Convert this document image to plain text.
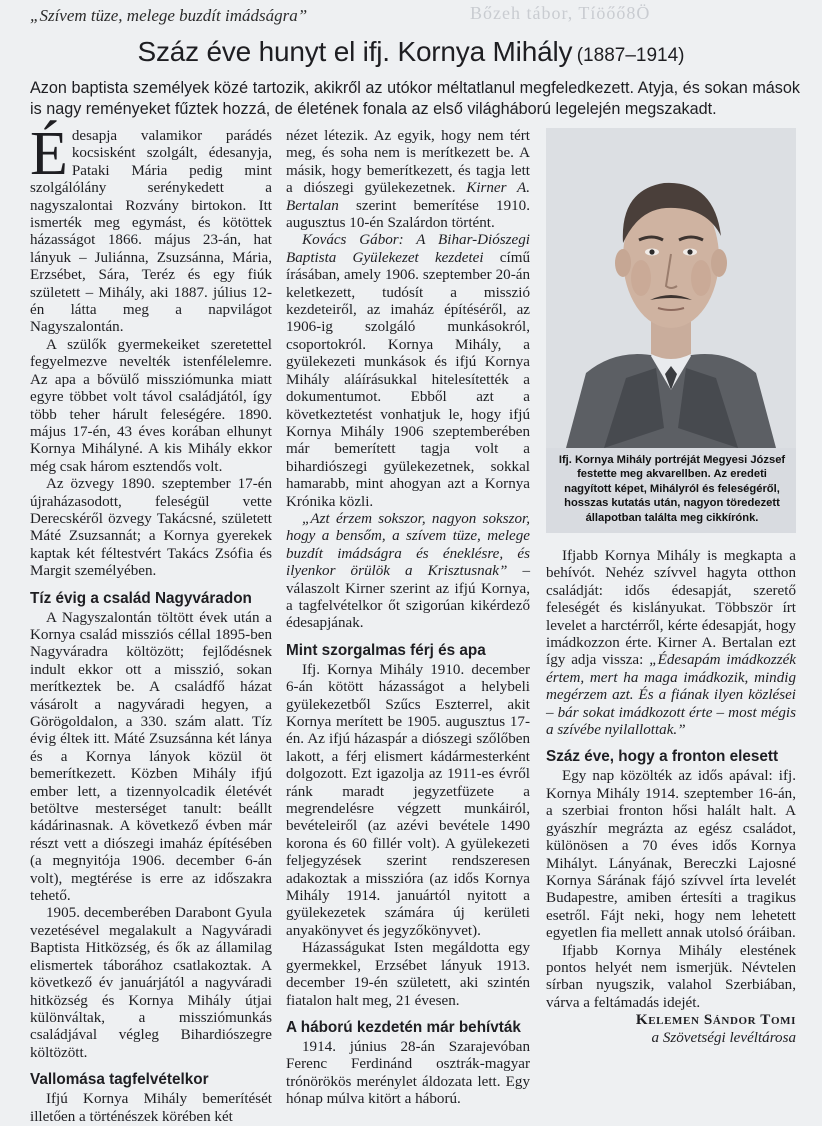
„Szívem tüze, melege buzdít imádságra”	Bőzeh tábor, Tíöőő8Ö
Száz éve hunyt el ifj. Kornya Mihály (1887–1914)
Azon baptista személyek közé tartozik, akikről az utókor méltatlanul megfeledkezett. Atyja, és sokan mások is nagy reményeket fűztek hozzá, de életének fonala az első világháború legelején megszakadt.

Édesapja valamikor parádés kocsisként szolgált, édesanyja, Pataki Mária pedig mint szolgálólány serénykedett a nagyszalontai Rozvány birtokon. Itt ismerték meg egymást, és kötöttek házasságot 1866. május 23-án, hat lányuk – Juliánna, Zsuzsánna, Mária, Erzsébet, Sára, Teréz és egy fiúk született – Mihály, aki 1887. július 12-én látta meg a napvilágot Nagyszalontán.

A szülők gyermekeiket szeretettel fegyelmezve nevelték istenfélelemre. Az apa a bővülő missziómunka miatt egyre többet volt távol családjától, így több teher hárult feleségére. 1890. május 17-én, 43 éves korában elhunyt Kornya Mihályné. A kis Mihály ekkor még csak három esztendős volt.

Az özvegy 1890. szeptember 17-én újraházasodott, feleségül vette Derecskéről özvegy Takácsné, született Máté Zsuzsannát; a Kornya gyerekek kaptak két féltestvért Takács Zsófia és Margit személyében.

Tíz évig a család Nagyváradon

A Nagyszalontán töltött évek után a Kornya család missziós céllal 1895-ben Nagyváradra költözött; fejlődésnek indult ekkor ott a misszió, sokan merítkeztek be. A családfő házat vásárolt a nagyváradi hegyen, a Görögoldalon, a 330. szám alatt. Tíz évig éltek itt. Máté Zsuzsánna két lánya és a Kornya lányok közül öt bemerítkezett. Közben Mihály ifjú ember lett, a tizennyolcadik életévét betöltve mesterséget tanult: beállt kádárinasnak. A következő évben már részt vett a diószegi imaház építésében (a megnyitója 1906. december 6-án volt), megtérése is erre az időszakra tehető.

1905. decemberében Darabont Gyula vezetésével megalakult a Nagyváradi Baptista Hitközség, és ők az államilag elismertek táborához csatlakoztak. A következő év januárjától a nagyváradi hitközség és Kornya Mihály útjai különváltak, a missziómunkás családjával végleg Bihardiószegre költözött.

Vallomása tagfelvételkor

Ifjú Kornya Mihály bemerítését illetően a történészek körében két

nézet létezik. Az egyik, hogy nem tért meg, és soha nem is merítkezett be. A másik, hogy bemerítkezett, és tagja lett a diószegi gyülekezetnek. Kirner A. Bertalan szerint bemerítése 1910. augusztus 10-én Szalárdon történt.

Kovács Gábor: A Bihar-Diószegi Baptista Gyülekezet kezdetei című írásában, amely 1906. szeptember 20-án keletkezett, tudósít a misszió kezdeteiről, az imaház építéséről, az 1906-ig szolgáló munkásokról, csoportokról. Kornya Mihály, a gyülekezeti munkások és ifjú Kornya Mihály aláírásukkal hitelesítették a dokumentumot. Ebből azt a következtetést vonhatjuk le, hogy ifjú Kornya Mihály 1906 szeptemberében már bemerített tagja volt a bihardiószegi gyülekezetnek, sokkal hamarabb, mint ahogyan azt a Kornya Krónika közli.

„Azt érzem sokszor, nagyon sokszor, hogy a bensőm, a szívem tüze, melege buzdít imádságra és éneklésre, és ilyenkor örülök a Krisztusnak” – válaszolt Kirner szerint az ifjú Kornya, a tagfelvételkor őt szigorúan kikérdező édesapjának.

Mint szorgalmas férj és apa

Ifj. Kornya Mihály 1910. december 6-án kötött házasságot a helybeli gyülekezetből Szűcs Eszterrel, akit Kornya merített be 1905. augusztus 17-én. Az ifjú házaspár a diószegi szőlőben lakott, a férj elismert kádármesterként dolgozott. Ezt igazolja az 1911-es évről ránk maradt jegyzetfüzete a megrendelésre végzett munkáiról, bevételeiről (az azévi bevétele 1490 korona és 60 fillér volt). A gyülekezeti feljegyzések szerint rendszeresen adakoztak a misszióra (az idős Kornya Mihály 1914. januártól nyitott a gyülekezetek számára új kerületi anyakönyvet és jegyzőkönyvet).

Házasságukat Isten megáldotta egy gyermekkel, Erzsébet lányuk 1913. december 19-én született, aki szintén fiatalon halt meg, 21 évesen.

A háború kezdetén már behívták

1914. június 28-án Szarajevóban Ferenc Ferdinánd osztrák-magyar trónörökös merénylet áldozata lett. Egy hónap múlva kitört a háború.

Ifj. Kornya Mihály portréját Megyesi József festette meg akvarellben. Az eredeti nagyított képet, Mihályról és feleségéről, hosszas kutatás után, nagyon töredezett állapotban találta meg cikkírónk.

Ifjabb Kornya Mihály is megkapta a behívót. Nehéz szívvel hagyta otthon családját: idős édesapját, szerető feleségét és kislányukat. Többször írt levelet a harctérről, kérte édesapját, hogy imádkozzon érte. Kirner A. Bertalan ezt így adja vissza: „Édesapám imádkozzék értem, mert ha maga imádkozik, mindig megérzem azt. És a fiának ilyen közlései – bár sokat imádkozott érte – most mégis a szívébe nyilallottak.”

Száz éve, hogy a fronton elesett

Egy nap közölték az idős apával: ifj. Kornya Mihály 1914. szeptember 16-án, a szerbiai fronton hősi halált halt. A gyászhír megrázta az egész családot, különösen a 70 éves idős Kornya Mihályt. Lányának, Bereczki Lajosné Kornya Sárának fájó szívvel írta levelét Budapestre, amiben értesíti a tragikus esetről. Fájt neki, hogy nem lehetett egyetlen fia mellett annak utolsó óráiban.

Ifjabb Kornya Mihály elestének pontos helyét nem ismerjük. Névtelen sírban nyugszik, valahol Szerbiában, várva a feltámadás idejét.

Kelemen Sándor Tomi

a Szövetségi levéltárosa
